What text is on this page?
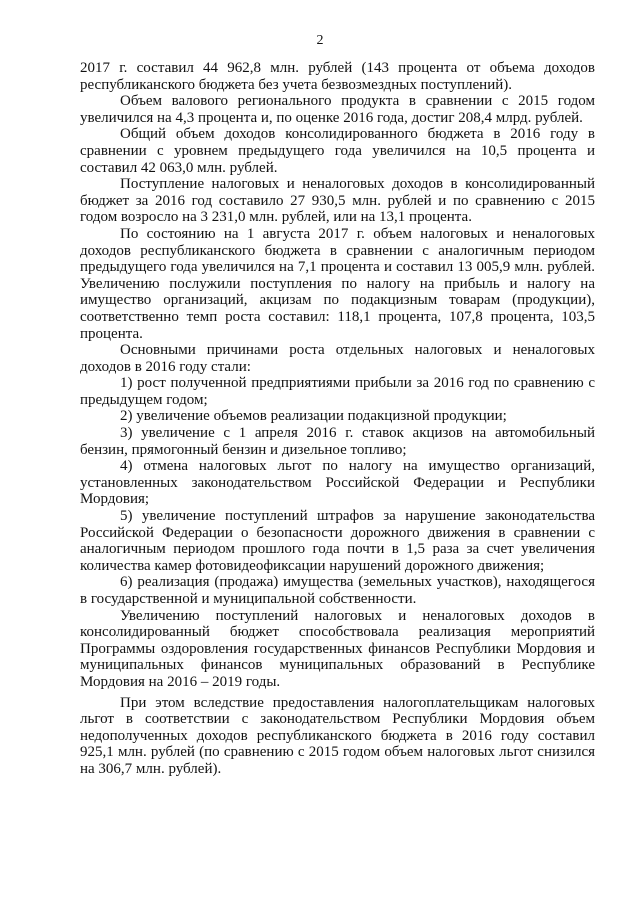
2

2017 г. составил 44 962,8 млн. рублей (143 процента от объема доходов республиканского бюджета без учета безвозмездных поступлений).

Объем валового регионального продукта в сравнении с 2015 годом увеличился на 4,3 процента и, по оценке 2016 года, достиг 208,4 млрд. рублей.

Общий объем доходов консолидированного бюджета в 2016 году в сравнении с уровнем предыдущего года увеличился на 10,5 процента и составил 42 063,0 млн. рублей.

Поступление налоговых и неналоговых доходов в консолидированный бюджет за 2016 год составило 27 930,5 млн. рублей и по сравнению с 2015 годом возросло на 3 231,0 млн. рублей, или на 13,1 процента.

По состоянию на 1 августа 2017 г. объем налоговых и неналоговых доходов республиканского бюджета в сравнении с аналогичным периодом предыдущего года увеличился на 7,1 процента и составил 13 005,9 млн. рублей. Увеличению послужили поступления по налогу на прибыль и налогу на имущество организаций, акцизам по подакцизным товарам (продукции), соответственно темп роста составил: 118,1 процента, 107,8 процента, 103,5 процента.

Основными причинами роста отдельных налоговых и неналоговых доходов в 2016 году стали:

1) рост полученной предприятиями прибыли за 2016 год по сравнению с предыдущем годом;

2) увеличение объемов реализации подакцизной продукции;

3) увеличение с 1 апреля 2016 г. ставок акцизов на автомобильный бензин, прямогонный бензин и дизельное топливо;

4) отмена налоговых льгот по налогу на имущество организаций, установленных законодательством Российской Федерации и Республики Мордовия;

5) увеличение поступлений штрафов за нарушение законодательства Российской Федерации о безопасности дорожного движения в сравнении с аналогичным периодом прошлого года почти в 1,5 раза за счет увеличения количества камер фотовидеофиксации нарушений дорожного движения;

6) реализация (продажа) имущества (земельных участков), находящегося в государственной и муниципальной собственности.

Увеличению поступлений налоговых и неналоговых доходов в консолидированный бюджет способствовала реализация мероприятий Программы оздоровления государственных финансов Республики Мордовия и муниципальных финансов муниципальных образований в Республике Мордовия на 2016 – 2019 годы.

При этом вследствие предоставления налогоплательщикам налоговых льгот в соответствии с законодательством Республики Мордовия объем недополученных доходов республиканского бюджета в 2016 году составил 925,1 млн. рублей (по сравнению с 2015 годом объем налоговых льгот снизился на 306,7 млн. рублей).
